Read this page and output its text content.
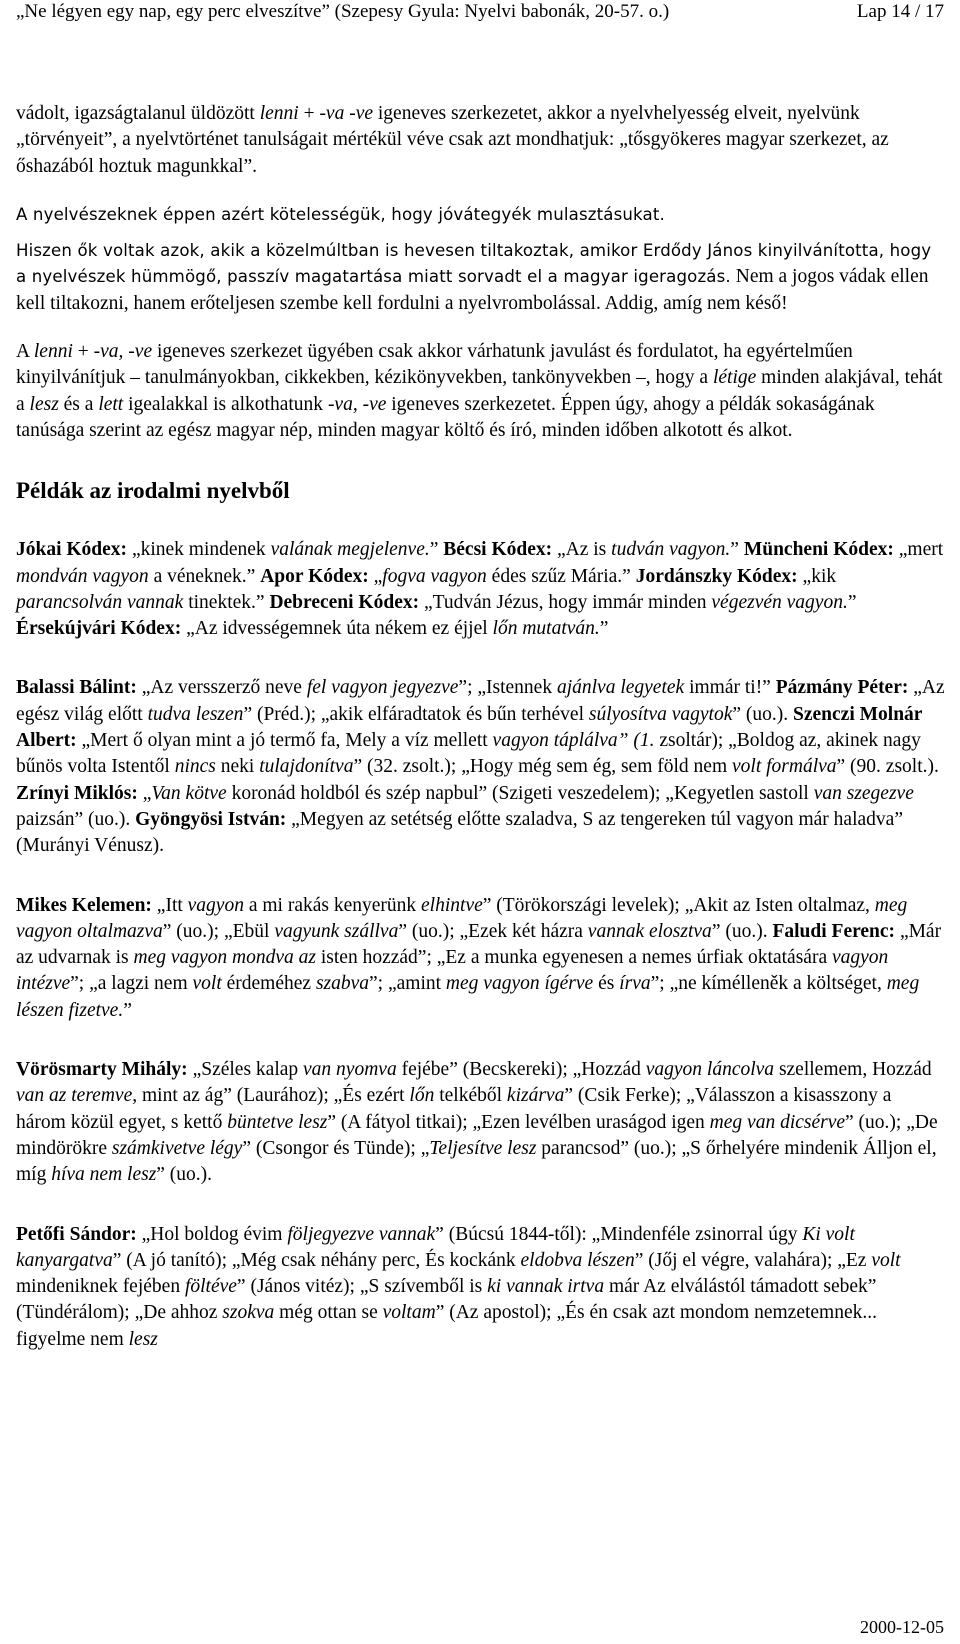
„Ne légyen egy nap, egy perc elveszítve” (Szepesy Gyula: Nyelvi babonák, 20-57. o.)	Lap
14
/
17

vádolt, igazságtalanul üldözött lenni + -va -ve igeneves szerkezetet, akkor a nyelvhelyesség elveit, nyelvünk „törvényeit”, a nyelvtörténet tanulságait mértékül véve csak azt mondhatjuk: „tősgyökeres magyar szerkezet, az őshazából hoztuk magunkkal”.

A nyelvészeknek éppen azért kötelességük, hogy jóvátegyék mulasztásukat.

Hiszen ők voltak azok, akik a közelmúltban is hevesen tiltakoztak, amikor Erdődy János kinyilvánította, hogy a nyelvészek hümmögő, passzív magatartása miatt sorvadt el a magyar igeragozás. Nem a jogos vádak ellen kell tiltakozni, hanem erőteljesen szembe kell fordulni a nyelvrombolással. Addig, amíg nem késő!

A lenni + -va, -ve igeneves szerkezet ügyében csak akkor várhatunk javulást és fordulatot, ha egyértelműen kinyilvánítjuk – tanulmányokban, cikkekben, kézikönyvekben, tankönyvekben –, hogy a létige minden alakjával, tehát a lesz és a lett igealakkal is alkothatunk -va, -ve igeneves szerkezetet. Éppen úgy, ahogy a példák sokaságának tanúsága szerint az egész magyar nép, minden magyar költő és író, minden időben alkotott és alkot.

Példák az irodalmi nyelvből

Jókai Kódex: „kinek mindenek valának megjelenve.” Bécsi Kódex: „Az is tudván vagyon.” Müncheni Kódex: „mert mondván vagyon a véneknek.” Apor Kódex: „fogva vagyon édes szűz Mária.” Jordánszky Kódex: „kik parancsolván vannak tinektek.” Debreceni Kódex: „Tudván Jézus, hogy immár minden végezvén vagyon.” Érsekújvári Kódex: „Az idvességemnek úta nékem ez éjjel lőn mutatván.”

Balassi Bálint: „Az versszerző neve fel vagyon jegyezve”; „Istennek ajánlva legyetek immár ti!” Pázmány Péter: „Az egész világ előtt tudva leszen” (Préd.); „akik elfáradtatok és bűn terhével súlyosítva vagytok” (uo.). Szenczi Molnár Albert: „Mert ő olyan mint a jó termő fa, Mely a víz mellett vagyon táplálva” (1. zsoltár); „Boldog az, akinek nagy bűnös volta Istentől nincs neki tulajdonítva” (32. zsolt.); „Hogy még sem ég, sem föld nem volt formálva” (90. zsolt.). Zrínyi Miklós: „Van kötve koronád holdból és szép napbul” (Szigeti veszedelem); „Kegyetlen sastoll van szegezve paizsán” (uo.). Gyöngyösi István: „Megyen az setétség előtte szaladva, S az tengereken túl vagyon már haladva” (Murányi Vénusz).

Mikes Kelemen: „Itt vagyon a mi rakás kenyerünk elhintve” (Törökországi levelek); „Akit az Isten oltalmaz, meg vagyon oltalmazva” (uo.); „Ebül vagyunk szállva” (uo.); „Ezek két házra vannak elosztva” (uo.). Faludi Ferenc: „Már az udvarnak is meg vagyon mondva az isten hozzád”; „Ez a munka egyenesen a nemes úrfiak oktatására vagyon intézve”; „a lagzi nem volt érdeméhez szabva”; „amint meg vagyon ígérve és írva”; „ne kímélleněk a költséget, meg lészen fizetve.”

Vörösmarty Mihály: „Széles kalap van nyomva fejébe” (Becskereki); „Hozzád vagyon láncolva szellemem, Hozzád van az teremve, mint az ág” (Laurához); „És ezért lőn telkéből kizárva” (Csik Ferke); „Válasszon a kisasszony a három közül egyet, s kettő büntetve lesz” (A fátyol titkai); „Ezen levélben uraságod igen meg van dicsérve” (uo.); „De mindörökre számkivetve légy” (Csongor és Tünde); „Teljesítve lesz parancsod” (uo.); „S őrhelyére mindenik Álljon el, míg híva nem lesz” (uo.).

Petőfi Sándor: „Hol boldog évim följegyezve vannak” (Búcsú 1844-től): „Mindenféle zsinorral úgy Ki volt kanyargatva” (A jó tanító); „Még csak néhány perc, És kockánk eldobva lészen” (Jőj el végre, valahára); „Ez volt mindeniknek fejében föltéve” (János vitéz); „S szívemből is ki vannak irtva már Az elválástól támadott sebek” (Tündérálom); „De ahhoz szokva még ottan se voltam” (Az apostol); „És én csak azt mondom nemzetemnek... figyelme nem lesz

2000-12-05
